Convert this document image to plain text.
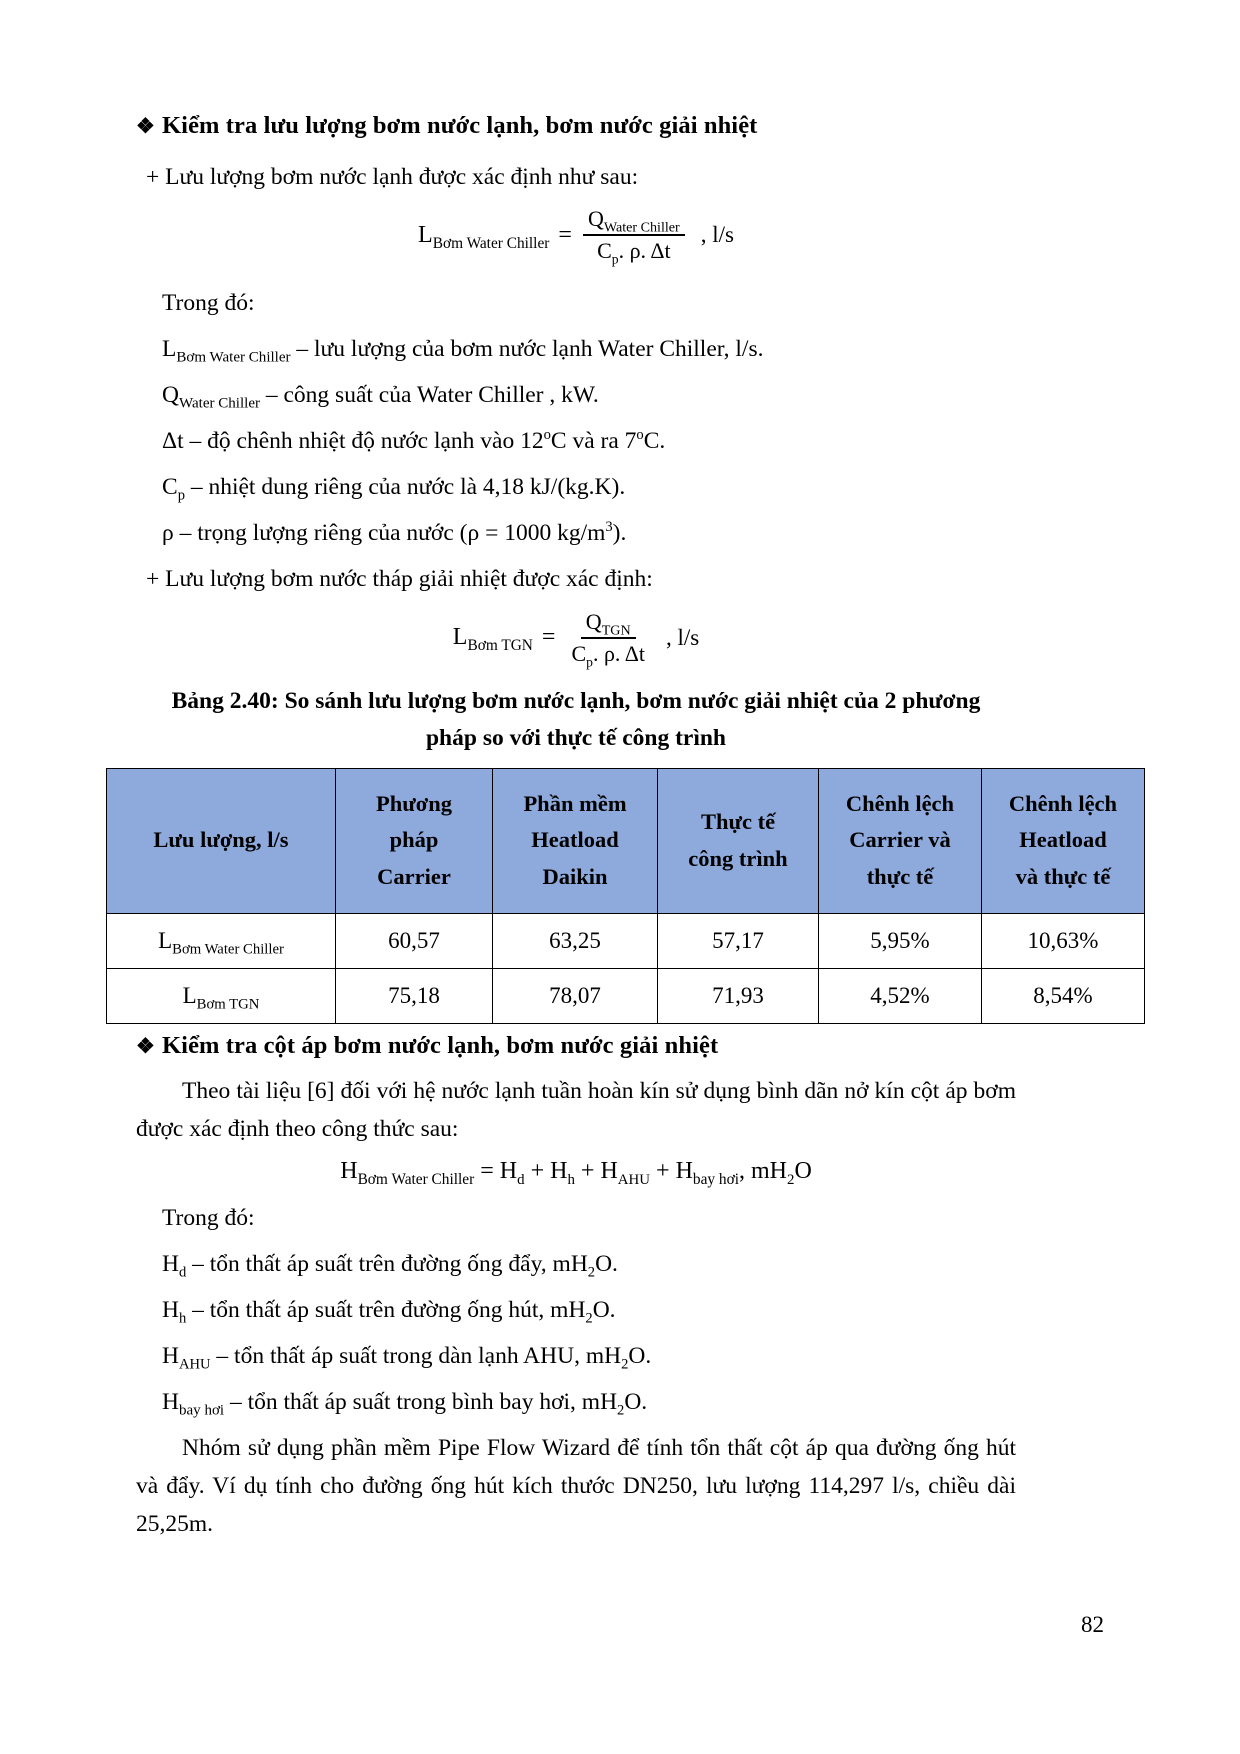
❖ Kiểm tra lưu lượng bơm nước lạnh, bơm nước giải nhiệt

+ Lưu lượng bơm nước lạnh được xác định như sau:

$L_{Bơm Water Chiller} = \frac{Q_{Water Chiller}}{C_p. \rho. \Delta t}$ , l/s

Trong đó:

$L_{Bơm Water Chiller}$ – lưu lượng của bơm nước lạnh Water Chiller, l/s.

$Q_{Water Chiller}$ – công suất của Water Chiller , kW.

Δt – độ chênh nhiệt độ nước lạnh vào 12$^o$C và ra 7$^o$C.

$C_p$ – nhiệt dung riêng của nước là 4,18 kJ/(kg.K).

ρ – trọng lượng riêng của nước (ρ = 1000 $kg/m^3$).

+ Lưu lượng bơm nước tháp giải nhiệt được xác định:

$L_{Bơm TGN} = \frac{Q_{TGN}}{C_p. \rho. \Delta t}$ , l/s
Bảng 2.40: So sánh lưu lượng bơm nước lạnh, bơm nước giải nhiệt của 2 phương
pháp so với thực tế công trình
Lưu lượng, l/s	Phương
pháp
Carrier	Phần mềm
Heatload
Daikin	Thực tế
công trình	Chênh lệch
Carrier và
thực tế	Chênh lệch
Heatload
và thực tế

$L_{Bơm Water Chiller}$	60,57	63,25	57,17	5,95%	10,63%
$L_{Bơm TGN}$	75,18	78,07	71,93	4,52%	8,54%
❖ Kiểm tra cột áp bơm nước lạnh, bơm nước giải nhiệt

Theo tài liệu [6] đối với hệ nước lạnh tuần hoàn kín sử dụng bình dãn nở kín cột áp bơm được xác định theo công thức sau:

$H_{Bơm Water Chiller} = H_d + H_h + H_{AHU} + H_{bay hơi}$, $mH_2O$

Trong đó:

$H_d$ – tổn thất áp suất trên đường ống đẩy, $mH_2O$.

$H_h$ – tổn thất áp suất trên đường ống hút, $mH_2O$.

$H_{AHU}$ – tổn thất áp suất trong dàn lạnh AHU, $mH_2O$.

$H_{bay hơi}$ – tổn thất áp suất trong bình bay hơi, $mH_2O$.

Nhóm sử dụng phần mềm Pipe Flow Wizard để tính tổn thất cột áp qua đường ống hút và đẩy. Ví dụ tính cho đường ống hút kích thước DN250, lưu lượng 114,297 l/s, chiều dài 25,25m.

82
